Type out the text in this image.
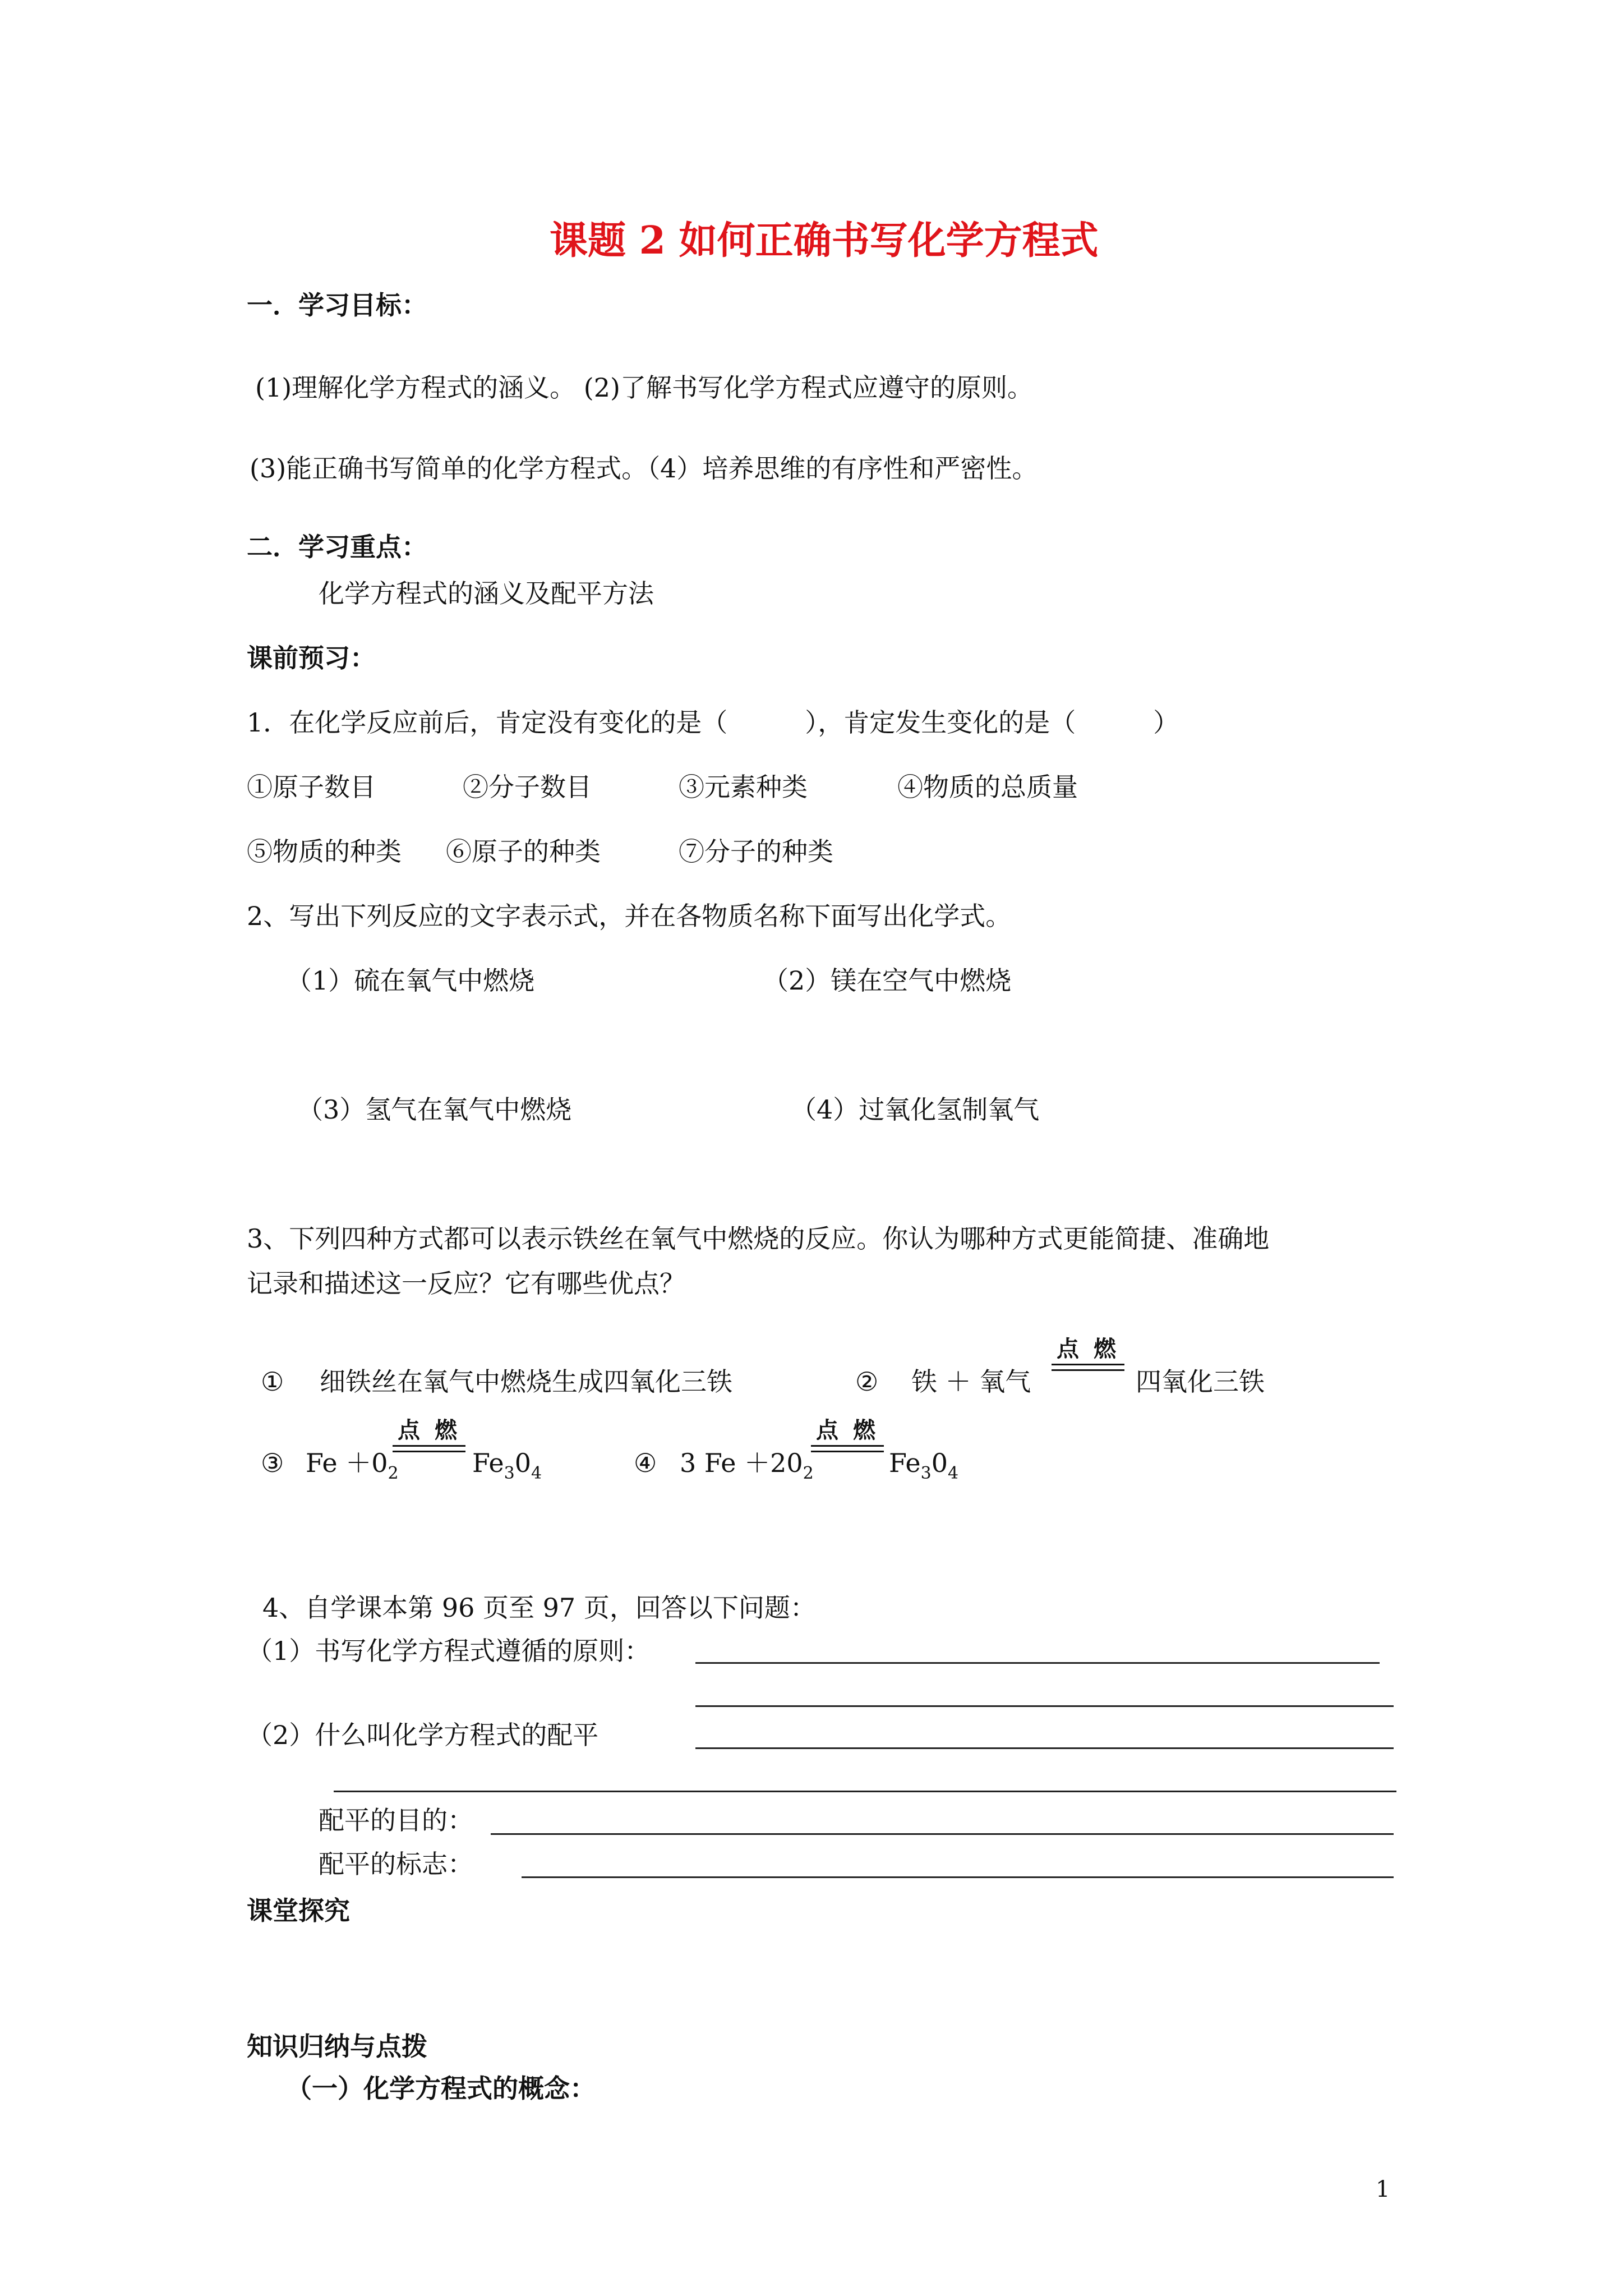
课题 2 如何正确书写化学方程式
一．学习目标：
(1)理解化学方程式的涵义。 (2)了解书写化学方程式应遵守的原则。
(3)能正确书写简单的化学方程式。（4）培养思维的有序性和严密性。
二．学习重点：
化学方程式的涵义及配平方法
课前预习：
1．在化学反应前后，肯定没有变化的是（　　　），肯定发生变化的是（　　　）
①原子数目	②分子数目	③元素种类	④物质的总质量
⑤物质的种类 ⑥原子的种类	⑦分子的种类
2、写出下列反应的文字表示式，并在各物质名称下面写出化学式。
（1）硫在氧气中燃烧	（2）镁在空气中燃烧
（3）氢气在氧气中燃烧	（4）过氧化氢制氧气
3、下列四种方式都可以表示铁丝在氧气中燃烧的反应。你认为哪种方式更能简捷、准确地
记录和描述这一反应？它有哪些优点？
① 细铁丝在氧气中燃烧生成四氧化三铁	② 铁 ＋ 氧气
点 燃
四氧化三铁
③ $Fe +0_2$
点 燃
$Fe_30_4$	④ 3 $Fe +20_2$
点 燃
$Fe_30_4$
4、自学课本第 96 页至 97 页，回答以下问题：
（1）书写化学方程式遵循的原则：
（2）什么叫化学方程式的配平
配平的目的：
配平的标志：
课堂探究
知识归纳与点拨
（一）化学方程式的概念：
1
